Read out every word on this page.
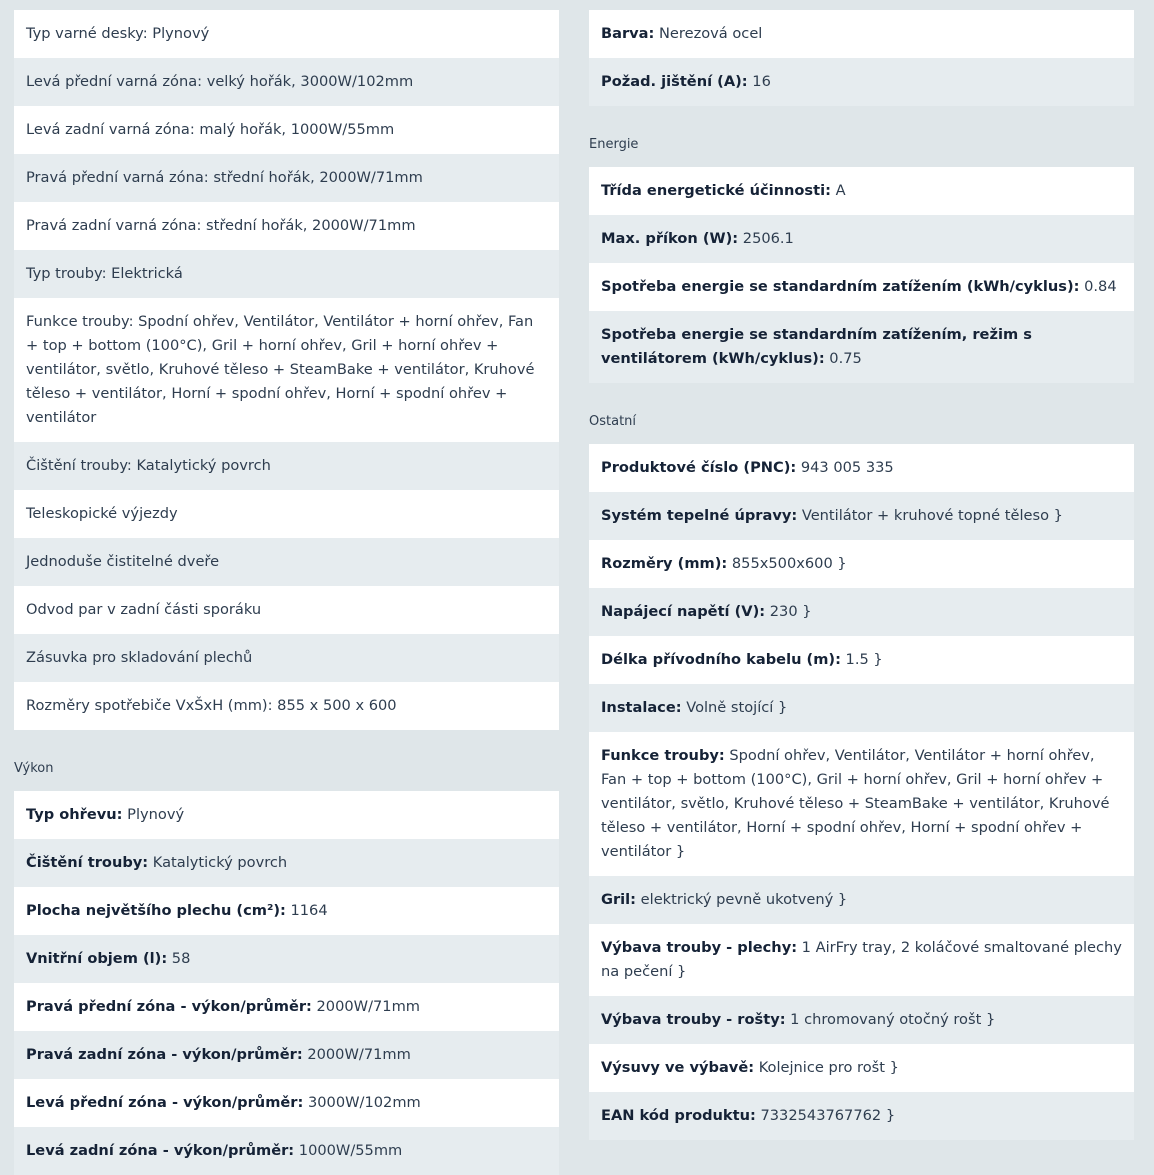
Typ varné desky: Plynový
Levá přední varná zóna: velký hořák, 3000W/102mm
Levá zadní varná zóna: malý hořák, 1000W/55mm
Pravá přední varná zóna: střední hořák, 2000W/71mm
Pravá zadní varná zóna: střední hořák, 2000W/71mm
Typ trouby: Elektrická
Funkce trouby: Spodní ohřev, Ventilátor, Ventilátor + horní ohřev, Fan + top + bottom (100°C), Gril + horní ohřev, Gril + horní ohřev + ventilátor, světlo, Kruhové těleso + SteamBake + ventilátor, Kruhové těleso + ventilátor, Horní + spodní ohřev, Horní + spodní ohřev + ventilátor
Čištění trouby: Katalytický povrch
Teleskopické výjezdy
Jednoduše čistitelné dveře
Odvod par v zadní části sporáku
Zásuvka pro skladování plechů
Rozměry spotřebiče VxŠxH (mm): 855 x 500 x 600
Výkon
Typ ohřevu: Plynový
Čištění trouby: Katalytický povrch
Plocha největšího plechu (cm²): 1164
Vnitřní objem (l): 58
Pravá přední zóna - výkon/průměr: 2000W/71mm
Pravá zadní zóna - výkon/průměr: 2000W/71mm
Levá přední zóna - výkon/průměr: 3000W/102mm
Levá zadní zóna - výkon/průměr: 1000W/55mm
Barva: Nerezová ocel
Požad. jištění (A): 16
Energie
Třída energetické účinnosti: A
Max. příkon (W): 2506.1
Spotřeba energie se standardním zatížením (kWh/cyklus): 0.84
Spotřeba energie se standardním zatížením, režim s ventilátorem (kWh/cyklus): 0.75
Ostatní
Produktové číslo (PNC): 943 005 335
Systém tepelné úpravy: Ventilátor + kruhové topné těleso }
Rozměry (mm): 855x500x600 }
Napájecí napětí (V): 230 }
Délka přívodního kabelu (m): 1.5 }
Instalace: Volně stojící }
Funkce trouby: Spodní ohřev, Ventilátor, Ventilátor + horní ohřev, Fan + top + bottom (100°C), Gril + horní ohřev, Gril + horní ohřev + ventilátor, světlo, Kruhové těleso + SteamBake + ventilátor, Kruhové těleso + ventilátor, Horní + spodní ohřev, Horní + spodní ohřev + ventilátor }
Gril: elektrický pevně ukotvený }
Výbava trouby - plechy: 1 AirFry tray, 2 koláčové smaltované plechy na pečení }
Výbava trouby - rošty: 1 chromovaný otočný rošt }
Výsuvy ve výbavě: Kolejnice pro rošt }
EAN kód produktu: 7332543767762 }
